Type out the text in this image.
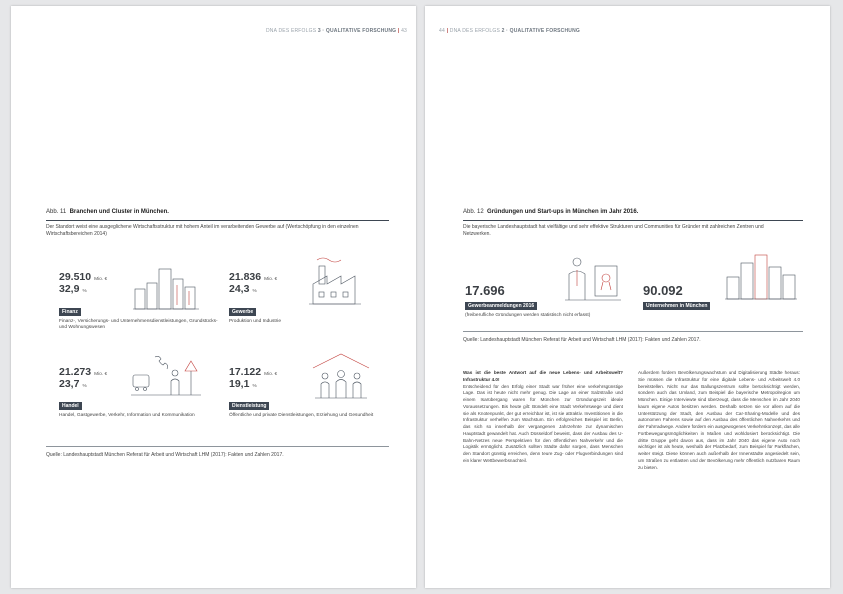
DNA DES ERFOLGS 3 · QUALITATIVE FORSCHUNG | 43
Abb. 11 Branchen und Cluster in München.
Der Standort weist eine ausgeglichene Wirtschaftsstruktur mit hohem Anteil im verarbeitenden Gewerbe auf (Wertschöpfung in den einzelnen Wirtschaftsbereichen 2014)
29.510 Mio. €
32,9 %
Finanz
Finanz-, Versicherungs- und Unternehmensdienstleistungen, Grundstücks- und Wohnungswesen
21.836 Mio. €
24,3 %
Gewerbe
Produktion und Industrie
21.273 Mio. €
23,7 %
Handel
Handel, Gastgewerbe, Verkehr, Information und Kommunikation
17.122 Mio. €
19,1 %
Dienstleistung
Öffentliche und private Dienstleistungen, Erziehung und Gesundheit
Quelle: Landeshauptstadt München Referat für Arbeit und Wirtschaft LHM (2017): Fakten und Zahlen 2017.
44 | DNA DES ERFOLGS 2 · QUALITATIVE FORSCHUNG
Abb. 12 Gründungen und Start-ups in München im Jahr 2016.
Die bayerische Landeshauptstadt hat vielfältige und sehr effektive Strukturen und Communities für Gründer mit zahlreichen Zentren und Netzwerken.
17.696
Gewerbeanmeldungen 2016
(freiberufliche Gründungen werden statistisch nicht erfasst)
90.092
Unternehmen in München
Quelle: Landeshauptstadt München Referat für Arbeit und Wirtschaft LHM (2017): Fakten und Zahlen 2017.
Was ist die beste Antwort auf die neue Lebens- und Arbeitswelt? Infrastruktur 4.0!
Entscheidend für den Erfolg einer Stadt war früher eine verkehrsgünstige Lage. Das ist heute nicht mehr genug. Die Lage an einer Salzstraße und einem Isarübergang waren für München zur Gründungszeit ideale Voraussetzungen. Bis heute gilt: Bündelt eine Stadt Verkehrswege und dient sie als Knotenpunkt, der gut erreichbar ist, ist sie attraktiv. Investitionen in die Infrastruktur verhelfen zum Wachstum. Ein erfolgreiches Beispiel ist Berlin, das sich so innerhalb der vergangenen Jahrzehnte zur dynamischen Hauptstadt gewandelt hat. Auch Düsseldorf beweist, dass der Ausbau des U-Bahn-Netzes neue Perspektiven für den öffentlichen Nahverkehr und die Logistik ermöglicht. Zusätzlich sollten Städte dafür sorgen, dass Menschen den Standort günstig erreichen, denn teure Zug- oder Flugverbindungen sind ein klarer Wettbewerbsnachteil.
Außerdem fordern Bevölkerungswachstum und Digitalisierung Städte heraus: Sie müssen die Infrastruktur für eine digitale Lebens- und Arbeitswelt 4.0 bereitstellen. Nicht nur das Ballungszentrum sollte berücksichtigt werden, sondern auch das Umland, zum Beispiel die bayerische Metropolregion um München. Einige Interviewte sind überzeugt, dass die Menschen im Jahr 2040 kaum eigene Autos besitzen werden. Deshalb setzen sie vor allem auf die Unterstützung der Stadt, den Ausbau der Car-Sharing-Modelle und des autonomen Fahrens sowie auf den Ausbau des öffentlichen Nahverkehrs und der Fahrradwege. Andere fordern ein ausgewogenes Verkehrskonzept, das alle Fortbewegungsmöglichkeiten in Maßen und wohldosiert berücksichtigt. Die dritte Gruppe geht davon aus, dass im Jahr 2040 das eigene Auto noch wichtiger ist als heute, weshalb der Platzbedarf, zum Beispiel für Parkflächen, weiter steigt. Diese können auch außerhalb der Innenstädte angesiedelt sein, um Straßen zu entlasten und der Bevölkerung mehr öffentlich nutzbaren Raum zu bieten.
